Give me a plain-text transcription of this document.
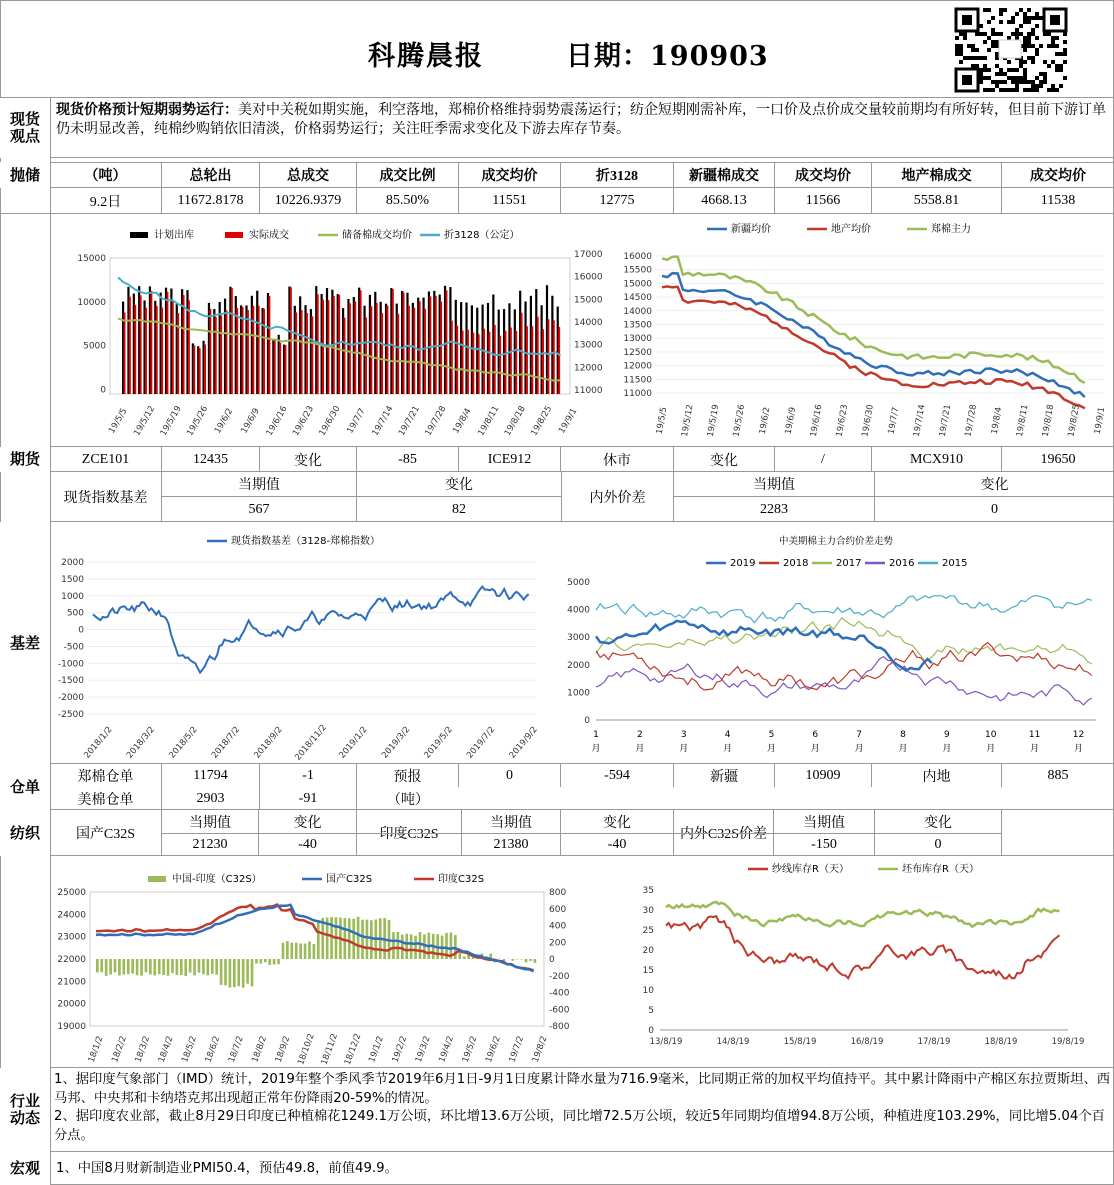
科腾晨报	日期：190903
现货
观点
现货价格预计短期弱势运行：美对中关税如期实施，利空落地，郑棉价格维持弱势震荡运行；纺企短期刚需补库，一口价及点价成交量较前期均有所好转，但目前下游订单仍未明显改善，纯棉纱购销依旧清淡，价格弱势运行；关注旺季需求变化及下游去库存节奏。
抛储	（吨）	总轮出	总成交	成交比例	成交均价	折3128	新疆棉成交	成交均价	地产棉成交	成交均价
9.2日	11672.8178	10226.9379	85.50%	11551	12775	4668.13	11566	5558.81	11538
计划出库	实际成交	储备棉成交均价	折3128（公定）
15000
10000
5000
0
17000
16000
15000
14000
13000
12000
11000
19/5/5 19/5/12 19/5/19 19/5/26 19/6/2 19/6/9 19/6/16 19/6/23 19/6/30 19/7/7 19/7/14 19/7/21 19/7/28 19/8/4 19/8/11 19/8/18 19/8/25 19/9/1
新疆均价	地产均价	郑棉主力
16000
15500
15000
14500
14000
13500
13000
12500
12000
11500
11000
19/5/5 19/5/12 19/5/19 19/5/26 19/6/2 19/6/9 19/6/16 19/6/23 19/6/30 19/7/7 19/7/14 19/7/21 19/7/28 19/8/4 19/8/11 19/8/18 19/8/25 19/9/1
期货	ZCE101	12435	变化	-85	ICE912	休市	变化	/	MCX910	19650
现货指数基差
当期值	变化
567	82
内外价差
当期值	变化
2283	0
基差
现货指数基差（3128-郑棉指数）
2000
1500
1000
500
0
-500
-1000
-1500
-2000
-2500
2018/1/2 2018/3/2 2018/5/2 2018/7/2 2018/9/2 2018/11/2 2019/1/2 2019/3/2 2019/5/2 2019/7/2 2019/9/2
中美期棉主力合约价差走势
2019	2018	2017	2016	2015
5000
4000
3000
2000
1000
0
1
月
2
月
3
月
4
月
5
月
6
月
7
月
8
月
9
月
10
月
11
月
12
月
仓单
郑棉仓单	11794	-1	预报	0	-594	新疆	10909	内地	885
美棉仓单	2903	-91	（吨）
纺织	国产C32S
当期值	变化
21230	-40
印度C32S
当期值	变化
21380	-40
内外C32S价差
当期值	变化
-150	0
中国-印度（C32S）	国产C32S	印度C32S
25000
24000
23000
22000
21000
20000
19000
800
600
400
200
0
-200
-400
-600
-800
18/1/2 18/2/2 18/3/2 18/4/2 18/5/2 18/6/2 18/7/2 18/8/2 18/9/2 18/10/2 18/11/2 18/12/2 19/1/2 19/2/2 19/3/2 19/4/2 19/5/2 19/6/2 19/7/2 19/8/2
纱线库存R（天）	坯布库存R（天）
35
30
25
20
15
10
5
0
13/8/19	14/8/19	15/8/19	16/8/19	17/8/19	18/8/19	19/8/19
行业
动态
1、据印度气象部门（IMD）统计，2019年整个季风季节2019年6月1日-9月1日度累计降水量为716.9毫米，比同期正常的加权平均值持平。其中累计降雨中产棉区东拉贾斯坦、西马邦、中央邦和卡纳塔克邦出现超正常年份降雨20-59%的情况。
2、据印度农业部，截止8月29日印度已种植棉花1249.1万公顷，环比增13.6万公顷，同比增72.5万公顷，较近5年同期均值增94.8万公顷，种植进度103.29%，同比增5.04个百分点。
宏观	1、中国8月财新制造业PMI50.4，预估49.8，前值49.9。
